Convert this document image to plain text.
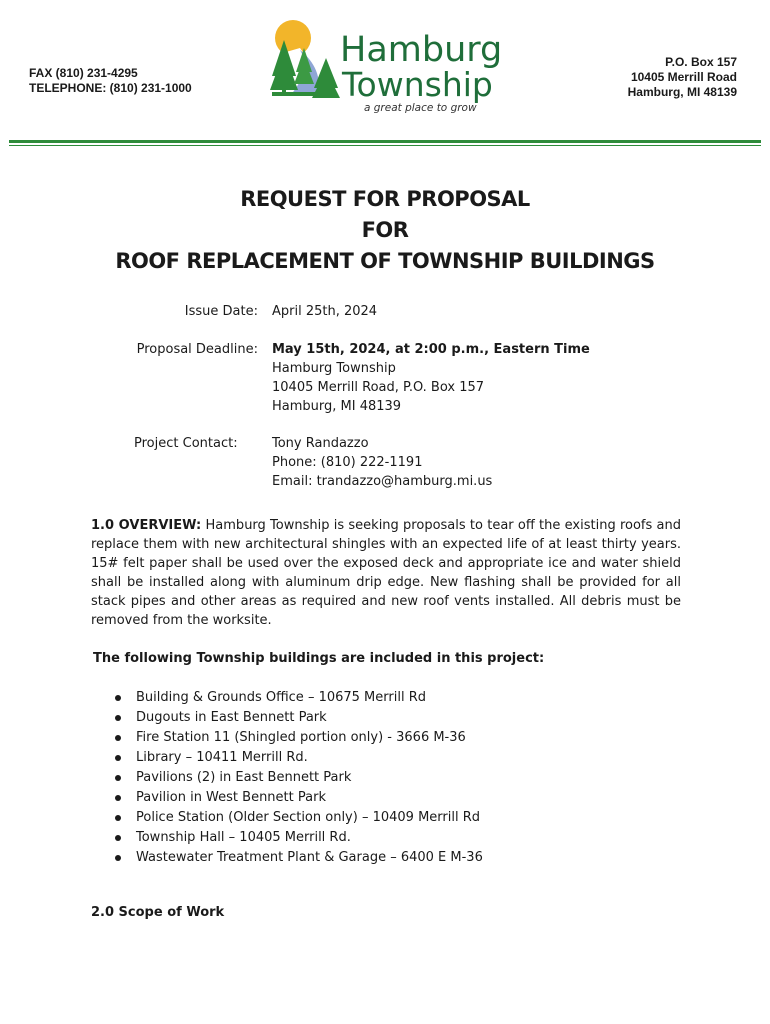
FAX (810) 231-4295
TELEPHONE: (810) 231-1000
Hamburg
Township
a great place to grow
P.O. Box 157
10405 Merrill Road
Hamburg, MI 48139
REQUEST FOR PROPOSAL
FOR
ROOF REPLACEMENT OF TOWNSHIP BUILDINGS
Issue Date: April 25th, 2024
Proposal Deadline: May 15th, 2024, at 2:00 p.m., Eastern Time
Hamburg Township
10405 Merrill Road, P.O. Box 157
Hamburg, MI 48139
Project Contact:	Tony Randazzo
Phone: (810) 222-1191
Email: trandazzo@hamburg.mi.us
1.0 OVERVIEW: Hamburg Township is seeking proposals to tear off the existing roofs and replace them with new architectural shingles with an expected life of at least thirty years. 15# felt paper shall be used over the exposed deck and appropriate ice and water shield shall be installed along with aluminum drip edge. New flashing shall be provided for all stack pipes and other areas as required and new roof vents installed. All debris must be removed from the worksite.
The following Township buildings are included in this project:
Building & Grounds Office – 10675 Merrill Rd
Dugouts in East Bennett Park
Fire Station 11 (Shingled portion only) - 3666 M-36
Library – 10411 Merrill Rd.
Pavilions (2) in East Bennett Park
Pavilion in West Bennett Park
Police Station (Older Section only) – 10409 Merrill Rd
Township Hall – 10405 Merrill Rd.
Wastewater Treatment Plant & Garage – 6400 E M-36
2.0 Scope of Work
